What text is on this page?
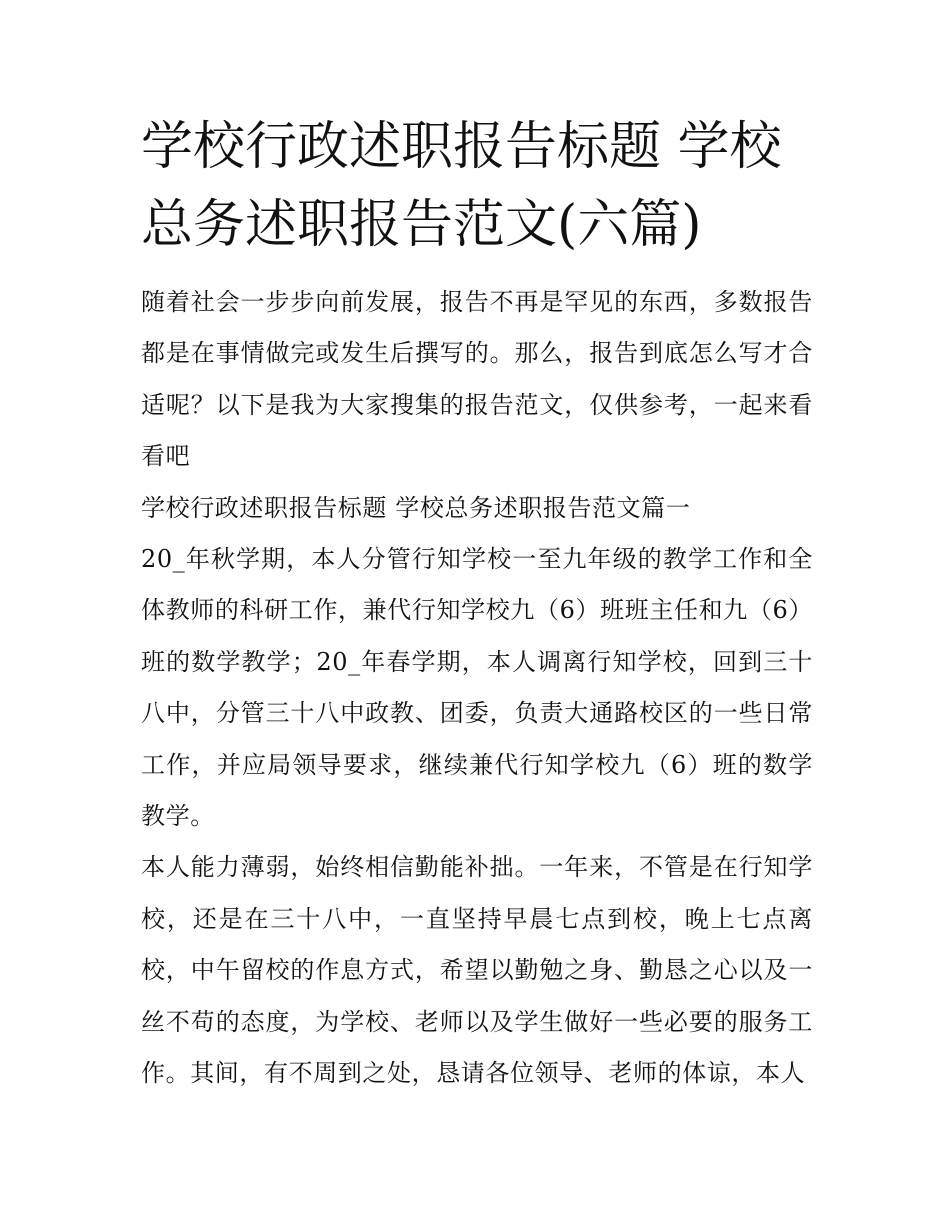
学校行政述职报告标题 学校总务述职报告范文(六篇)

随着社会一步步向前发展，报告不再是罕见的东西，多数报告都是在事情做完或发生后撰写的。那么，报告到底怎么写才合适呢？以下是我为大家搜集的报告范文，仅供参考，一起来看看吧

学校行政述职报告标题 学校总务述职报告范文篇一

20_年秋学期，本人分管行知学校一至九年级的教学工作和全体教师的科研工作，兼代行知学校九（6）班班主任和九（6）班的数学教学；20_年春学期，本人调离行知学校，回到三十八中，分管三十八中政教、团委，负责大通路校区的一些日常工作，并应局领导要求，继续兼代行知学校九（6）班的数学教学。

本人能力薄弱，始终相信勤能补拙。一年来，不管是在行知学校，还是在三十八中，一直坚持早晨七点到校，晚上七点离校，中午留校的作息方式，希望以勤勉之身、勤恳之心以及一丝不苟的态度，为学校、老师以及学生做好一些必要的服务工作。其间，有不周到之处，恳请各位领导、老师的体谅，本人
